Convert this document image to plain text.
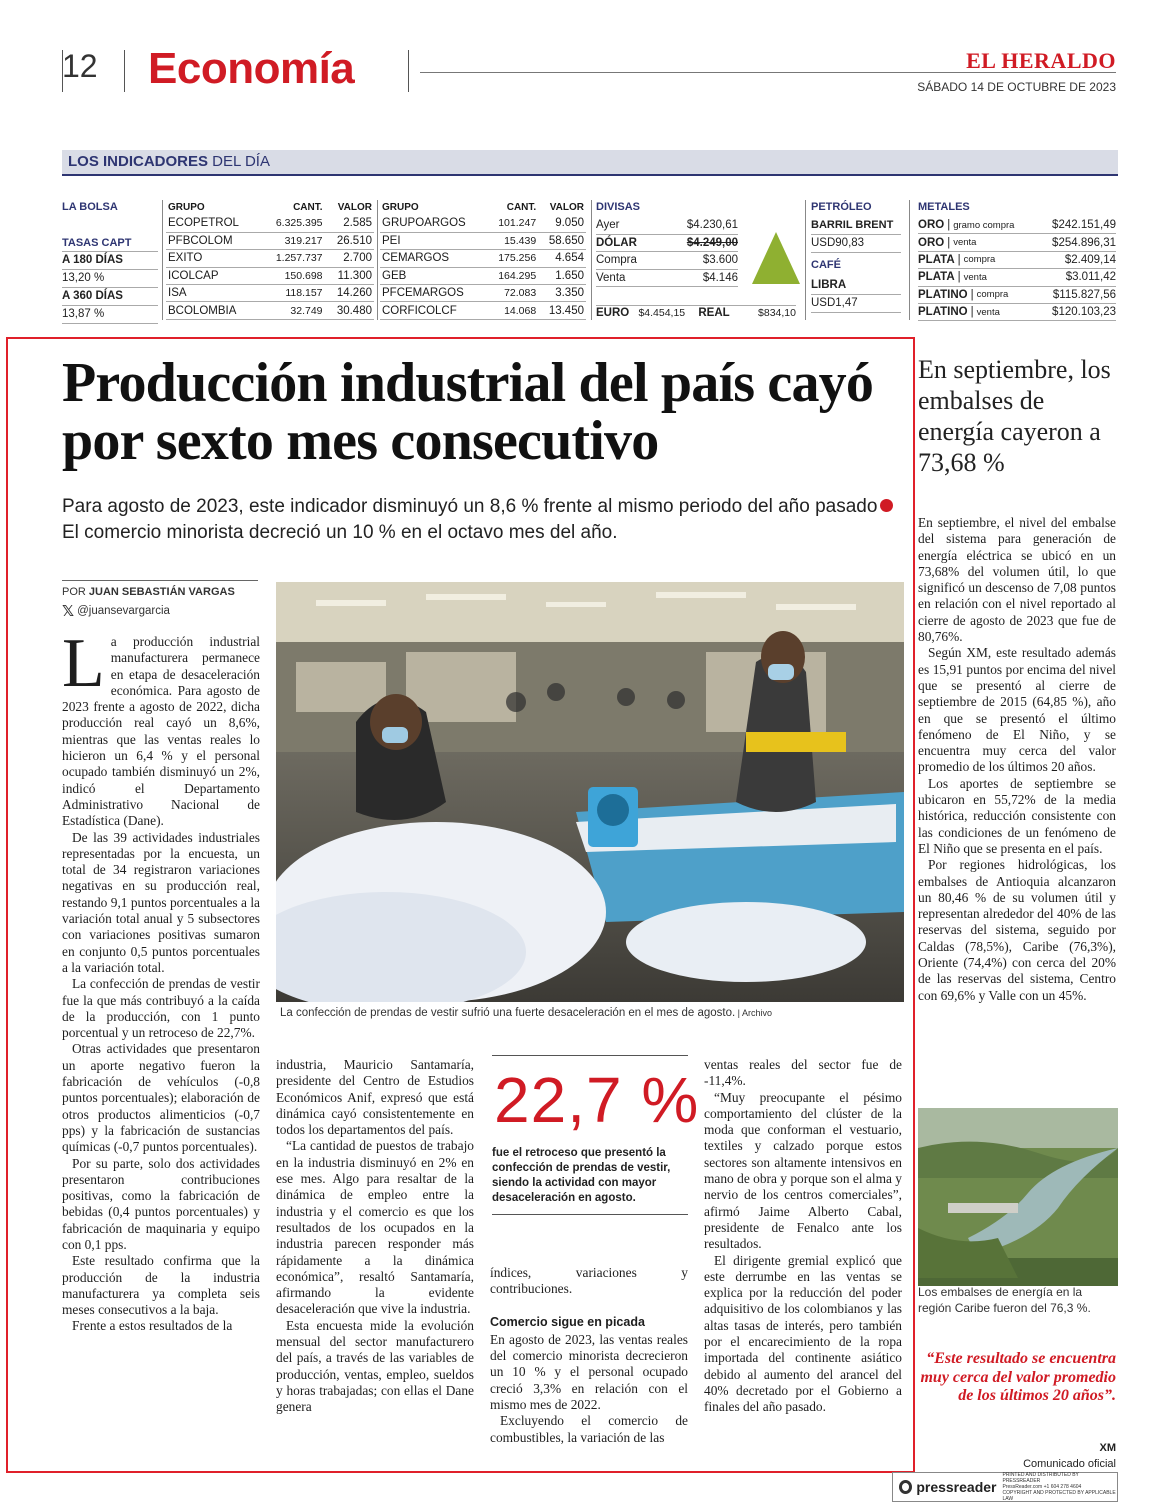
12 Economía	EL HERALDO
SÁBADO 14 DE OCTUBRE DE 2023
LOS INDICADORES DEL DÍA
LA BOLSA
TASAS CAPT
A 180 DÍAS
13,20 %
A 360 DÍAS
13,87 %
GRUPO	CANT.	VALOR
ECOPETROL	6.325.395	2.585
PFBCOLOM	319.217	26.510
EXITO	1.257.737	2.700
ICOLCAP	150.698	11.300
ISA	118.157	14.260
BCOLOMBIA	32.749	30.480
GRUPO	CANT.	VALOR
GRUPOARGOS	101.247	9.050
PEI	15.439	58.650
CEMARGOS	175.256	4.654
GEB	164.295	1.650
PFCEMARGOS	72.083	3.350
CORFICOLCF	14.068	13.450
DIVISAS
Ayer	$4.230,61
DÓLAR	$4.249,00
Compra	$3.600
Venta	$4.146
EURO $4.454,15 REAL	$834,10
PETRÓLEO
BARRIL BRENT
USD90,83
CAFÉ
LIBRA
USD1,47
METALES
ORO | gramo compra	$242.151,49
ORO | venta	$254.896,31
PLATA | compra	$2.409,14
PLATA | venta	$3.011,42
PLATINO | compra	$115.827,56
PLATINO | venta	$120.103,23
Producción industrial del país cayó por sexto mes consecutivo
Para agosto de 2023, este indicador disminuyó un 8,6 % frente al mismo periodo del año pasado El comercio minorista decreció un 10 % en el octavo mes del año.
POR JUAN SEBASTIÁN VARGAS
𝕏 @juansevargarcia
L a producción industrial manufacturera permanece en etapa de desaceleración económica. Para agosto de 2023 frente a agosto de 2022, dicha producción real cayó un 8,6%, mientras que las ventas reales lo hicieron un 6,4 % y el personal ocupado también disminuyó un 2%, indicó el Departamento Administrativo Nacional de Estadística (Dane).

De las 39 actividades industriales representadas por la encuesta, un total de 34 registraron variaciones negativas en su producción real, restando 9,1 puntos porcentuales a la variación total anual y 5 subsectores con variaciones positivas sumaron en conjunto 0,5 puntos porcentuales a la variación total.

La confección de prendas de vestir fue la que más contribuyó a la caída de la producción, con 1 punto porcentual y un retroceso de 22,7%.

Otras actividades que presentaron un aporte negativo fueron la fabricación de vehículos (-0,8 puntos porcentuales); elaboración de otros productos alimenticios (-0,7 pps) y la fabricación de sustancias químicas (-0,7 puntos porcentuales).

Por su parte, solo dos actividades presentaron contribuciones positivas, como la fabricación de bebidas (0,4 puntos porcentuales) y fabricación de maquinaria y equipo con 0,1 pps.

Este resultado confirma que la producción de la industria manufacturera ya completa seis meses consecutivos a la baja.

Frente a estos resultados de la

La confección de prendas de vestir sufrió una fuerte desaceleración en el mes de agosto. | Archivo

industria, Mauricio Santamaría, presidente del Centro de Estudios Económicos Anif, expresó que está dinámica cayó consistentemente en todos los departamentos del país.

“La cantidad de puestos de trabajo en la industria disminuyó en 2% en ese mes. Algo para resaltar de la dinámica de empleo entre la industria y el comercio es que los resultados de los ocupados en la industria parecen responder más rápidamente a la dinámica económica”, resaltó Santamaría, afirmando la evidente desaceleración que vive la industria.

Esta encuesta mide la evolución mensual del sector manufacturero del país, a través de las variables de producción, ventas, empleo, sueldos y horas trabajadas; con ellas el Dane genera

22,7 %
fue el retroceso que presentó la confección de prendas de vestir, siendo la actividad con mayor desaceleración en agosto.

índices, variaciones y contribuciones.

Comercio sigue en picada

En agosto de 2023, las ventas reales del comercio minorista decrecieron un 10 % y el personal ocupado creció 3,3% en relación con el mismo mes de 2022.

Excluyendo el comercio de combustibles, la variación de las

ventas reales del sector fue de -11,4%.

“Muy preocupante el pésimo comportamiento del clúster de la moda que conforman el vestuario, textiles y calzado porque estos sectores son altamente intensivos en mano de obra y porque son el alma y nervio de los centros comerciales”, afirmó Jaime Alberto Cabal, presidente de Fenalco ante los resultados.

El dirigente gremial explicó que este derrumbe en las ventas se explica por la reducción del poder adquisitivo de los colombianos y las altas tasas de interés, pero también por el encarecimiento de la ropa importada del continente asiático debido al aumento del arancel del 40% decretado por el Gobierno a finales del año pasado.

En septiembre, los embalses de energía cayeron a 73,68 %

En septiembre, el nivel del embalse del sistema para generación de energía eléctrica se ubicó en un 73,68% del volumen útil, lo que significó un descenso de 7,08 puntos en relación con el nivel reportado al cierre de agosto de 2023 que fue de 80,76%.

Según XM, este resultado además es 15,91 puntos por encima del nivel que se presentó al cierre de septiembre de 2015 (64,85 %), año en que se presentó el último fenómeno de El Niño, y se encuentra muy cerca del valor promedio de los últimos 20 años.

Los aportes de septiembre se ubicaron en 55,72% de la media histórica, reducción consistente con las condiciones de un fenómeno de El Niño que se presenta en el país.

Por regiones hidrológicas, los embalses de Antioquia alcanzaron un 80,46 % de su volumen útil y representan alrededor del 40% de las reservas del sistema, seguido por Caldas (78,5%), Caribe (76,3%), Oriente (74,4%) con cerca del 20% de las reservas del sistema, Centro con 69,6% y Valle con un 45%.

Los embalses de energía en la región Caribe fueron del 76,3 %.
“Este resultado se encuentra muy cerca del valor promedio de los últimos 20 años”.
XM
Comunicado oficial
pressreader
PRINTED AND DISTRIBUTED BY PRESSREADER
PressReader.com +1 604 278 4604
COPYRIGHT AND PROTECTED BY APPLICABLE LAW
